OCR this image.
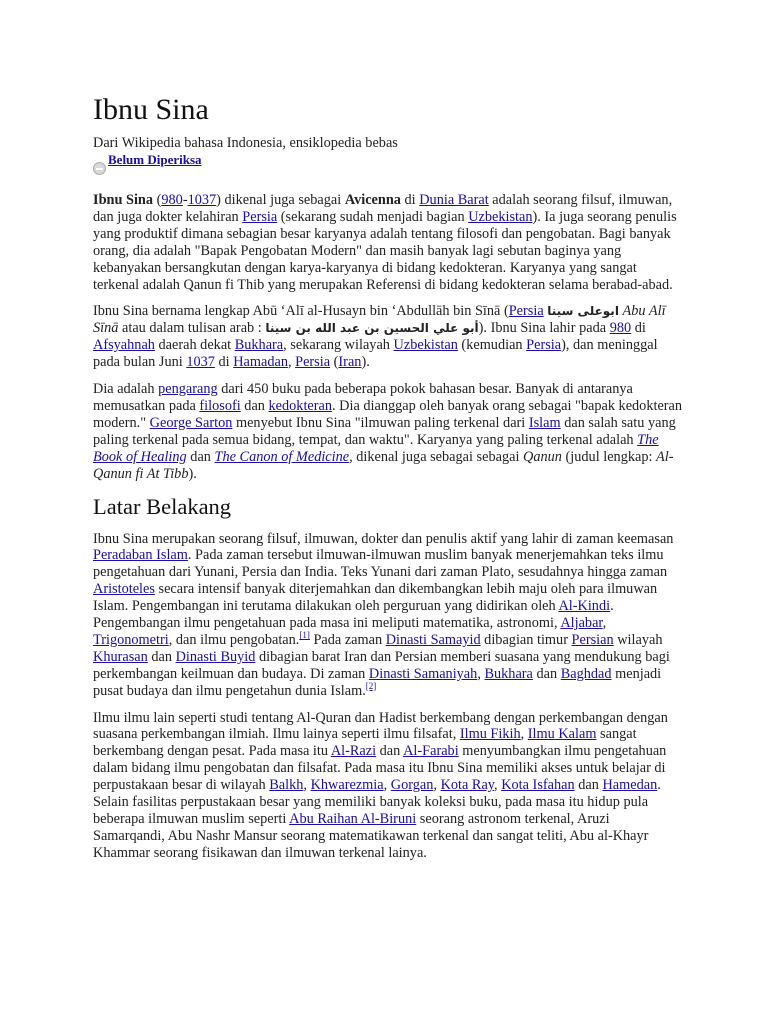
Ibnu Sina

Dari Wikipedia bahasa Indonesia, ensiklopedia bebas

Belum Diperiksa

Ibnu Sina (980-1037) dikenal juga sebagai Avicenna di Dunia Barat adalah seorang filsuf, ilmuwan, dan juga dokter kelahiran Persia (sekarang sudah menjadi bagian Uzbekistan). Ia juga seorang penulis yang produktif dimana sebagian besar karyanya adalah tentang filosofi dan pengobatan. Bagi banyak orang, dia adalah "Bapak Pengobatan Modern" dan masih banyak lagi sebutan baginya yang kebanyakan bersangkutan dengan karya-karyanya di bidang kedokteran. Karyanya yang sangat terkenal adalah Qanun fi Thib yang merupakan Referensi di bidang kedokteran selama berabad-abad.

Ibnu Sina bernama lengkap Abū ‘Alī al-Husayn bin ‘Abdullāh bin Sīnā (Persia ابوعلى سينا Abu Alī Sīnā atau dalam tulisan arab : أبو علي الحسين بن عبد الله بن سينا). Ibnu Sina lahir pada 980 di Afsyahnah daerah dekat Bukhara, sekarang wilayah Uzbekistan (kemudian Persia), dan meninggal pada bulan Juni 1037 di Hamadan, Persia (Iran).

Dia adalah pengarang dari 450 buku pada beberapa pokok bahasan besar. Banyak di antaranya memusatkan pada filosofi dan kedokteran. Dia dianggap oleh banyak orang sebagai "bapak kedokteran modern." George Sarton menyebut Ibnu Sina "ilmuwan paling terkenal dari Islam dan salah satu yang paling terkenal pada semua bidang, tempat, dan waktu". Karyanya yang paling terkenal adalah The Book of Healing dan The Canon of Medicine, dikenal juga sebagai sebagai Qanun (judul lengkap: Al-Qanun fi At Tibb).

Latar Belakang

Ibnu Sina merupakan seorang filsuf, ilmuwan, dokter dan penulis aktif yang lahir di zaman keemasan Peradaban Islam. Pada zaman tersebut ilmuwan-ilmuwan muslim banyak menerjemahkan teks ilmu pengetahuan dari Yunani, Persia dan India. Teks Yunani dari zaman Plato, sesudahnya hingga zaman Aristoteles secara intensif banyak diterjemahkan dan dikembangkan lebih maju oleh para ilmuwan Islam. Pengembangan ini terutama dilakukan oleh perguruan yang didirikan oleh Al-Kindi. Pengembangan ilmu pengetahuan pada masa ini meliputi matematika, astronomi, Aljabar, Trigonometri, dan ilmu pengobatan.[1] Pada zaman Dinasti Samayid dibagian timur Persian wilayah Khurasan dan Dinasti Buyid dibagian barat Iran dan Persian memberi suasana yang mendukung bagi perkembangan keilmuan dan budaya. Di zaman Dinasti Samaniyah, Bukhara dan Baghdad menjadi pusat budaya dan ilmu pengetahun dunia Islam.[2]

Ilmu ilmu lain seperti studi tentang Al-Quran dan Hadist berkembang dengan perkembangan dengan suasana perkembangan ilmiah. Ilmu lainya seperti ilmu filsafat, Ilmu Fikih, Ilmu Kalam sangat berkembang dengan pesat. Pada masa itu Al-Razi dan Al-Farabi menyumbangkan ilmu pengetahuan dalam bidang ilmu pengobatan dan filsafat. Pada masa itu Ibnu Sina memiliki akses untuk belajar di perpustakaan besar di wilayah Balkh, Khwarezmia, Gorgan, Kota Ray, Kota Isfahan dan Hamedan. Selain fasilitas perpustakaan besar yang memiliki banyak koleksi buku, pada masa itu hidup pula beberapa ilmuwan muslim seperti Abu Raihan Al-Biruni seorang astronom terkenal, Aruzi Samarqandi, Abu Nashr Mansur seorang matematikawan terkenal dan sangat teliti, Abu al-Khayr Khammar seorang fisikawan dan ilmuwan terkenal lainya.
